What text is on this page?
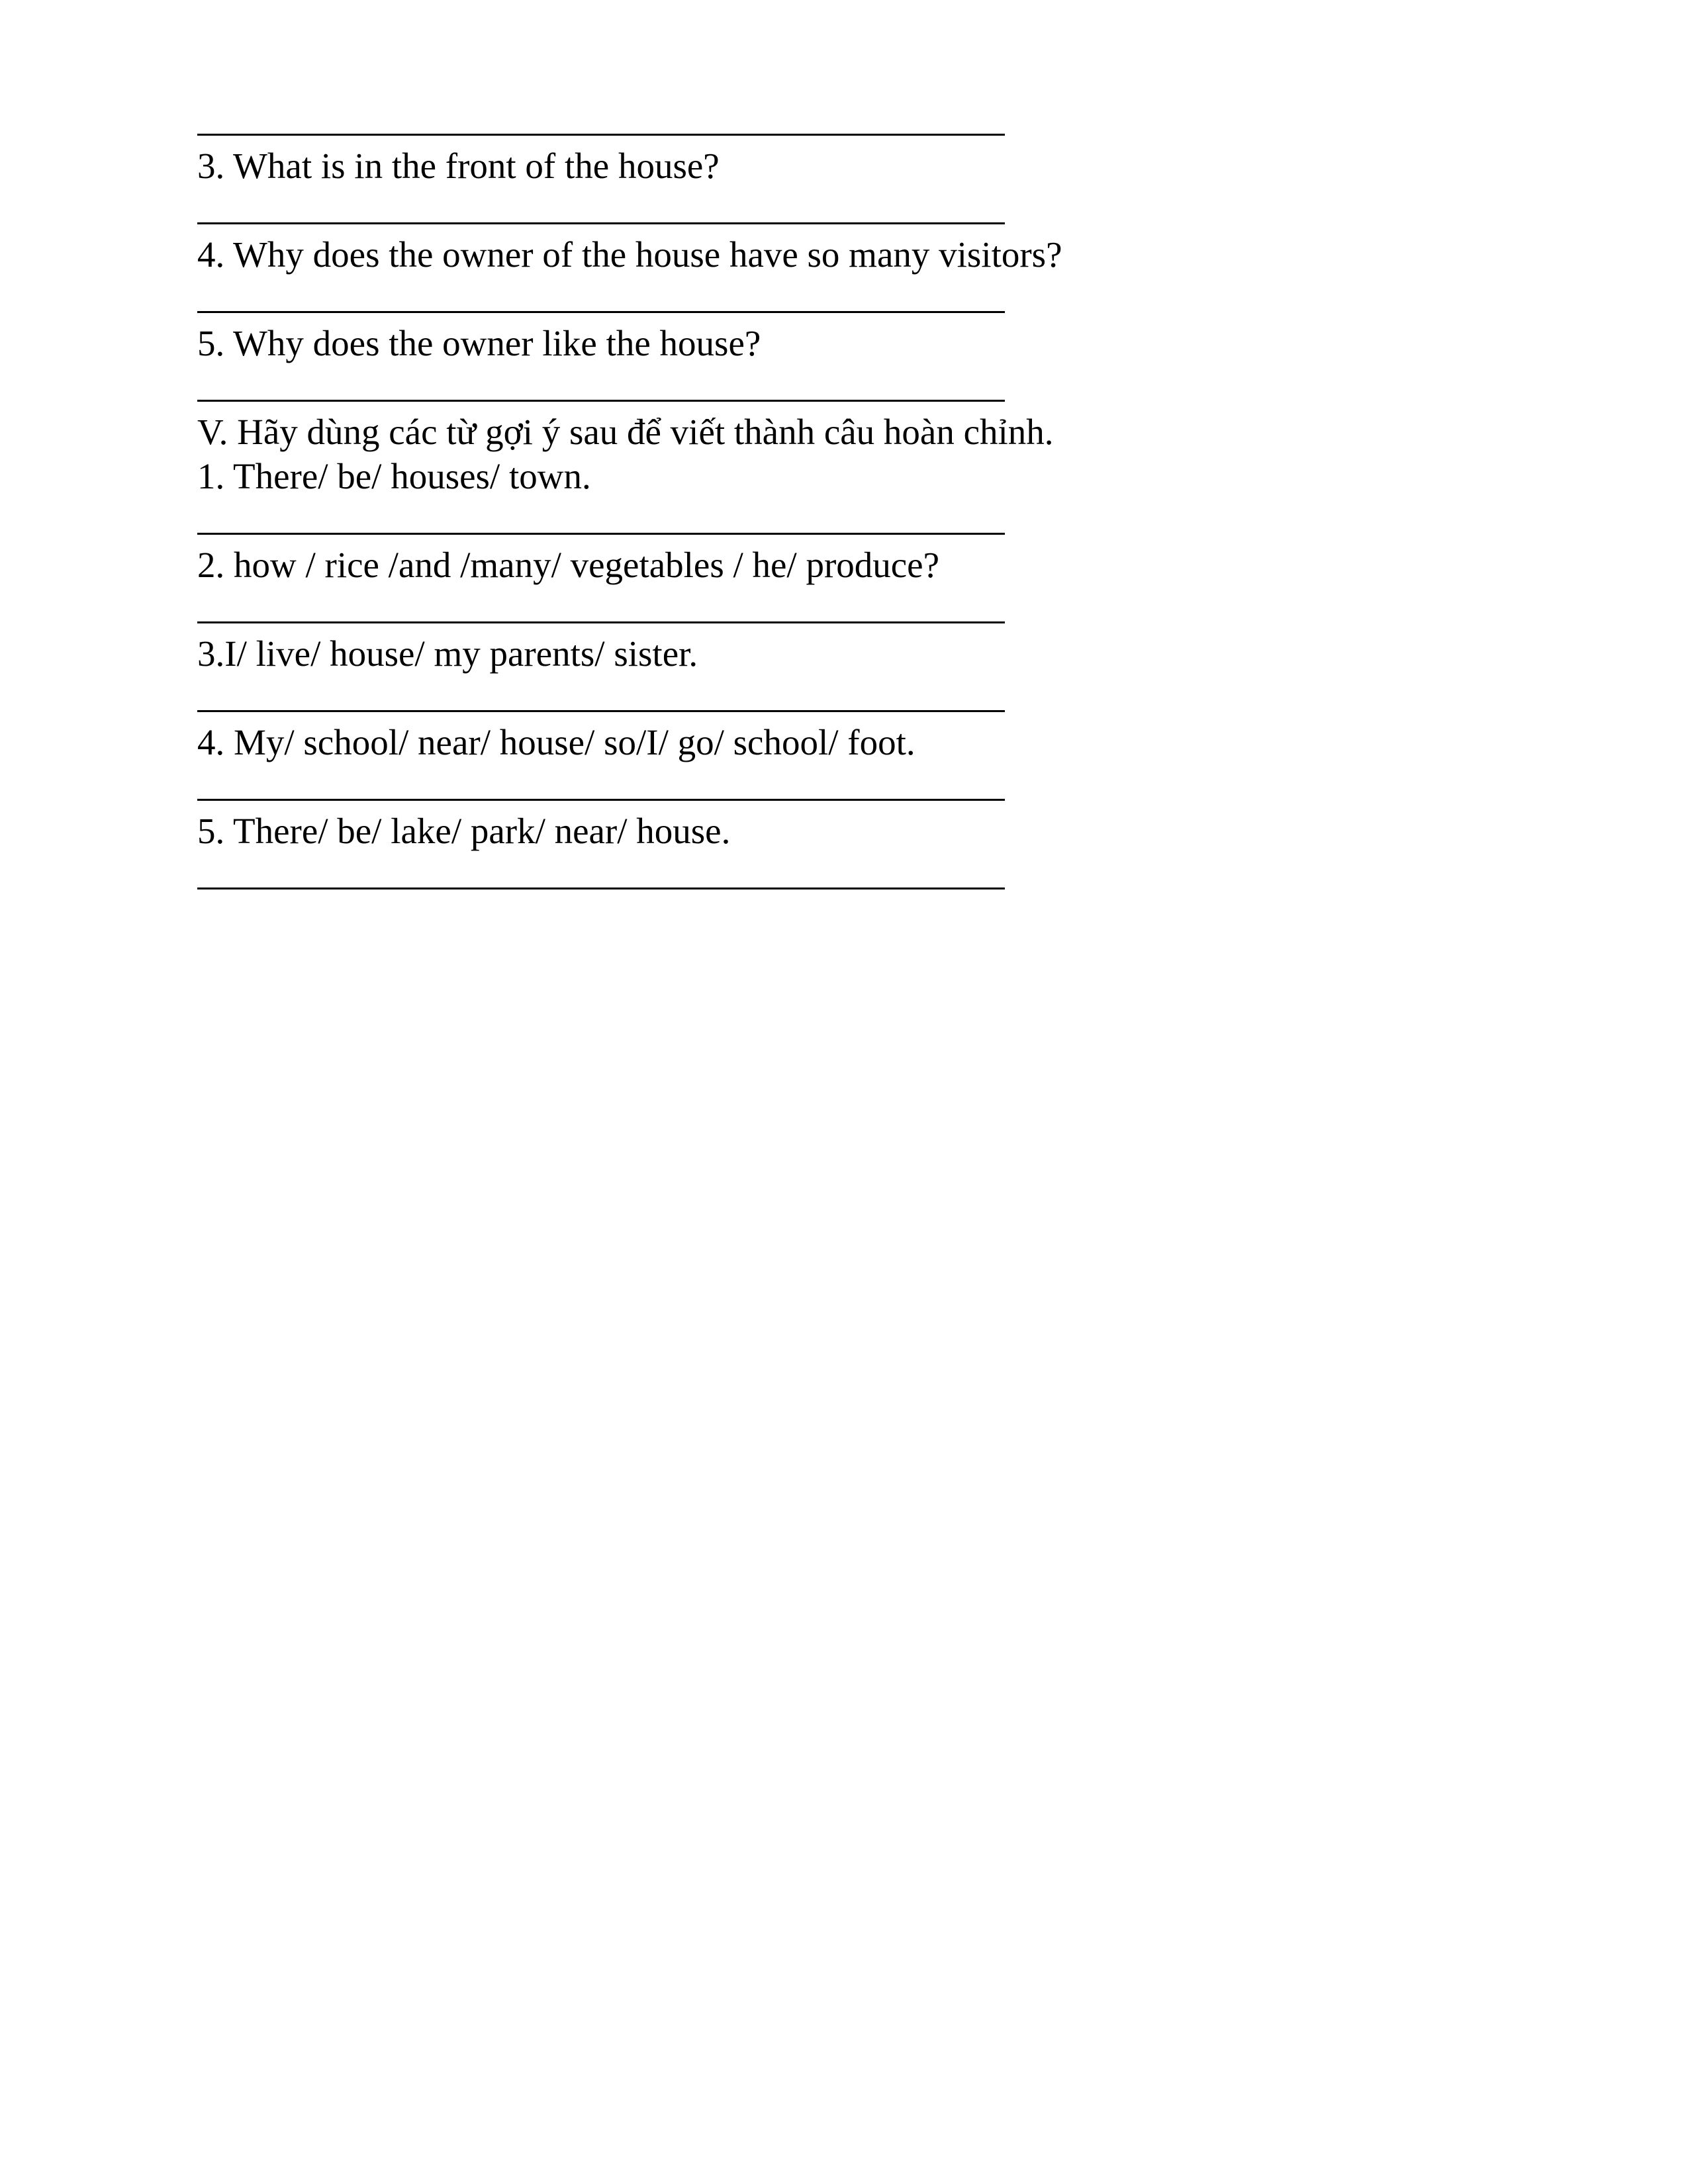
3. What is in the front of the house?
4. Why does the owner of the house have so many visitors?
5. Why does the owner like the house?
V. Hãy dùng các từ gợi ý sau để viết thành câu hoàn chỉnh.
1. There/ be/ houses/ town.
2. how / rice /and /many/ vegetables / he/ produce?
3.I/ live/ house/ my parents/ sister.
4. My/ school/ near/ house/ so/I/ go/ school/ foot.
5. There/ be/ lake/ park/ near/ house.
